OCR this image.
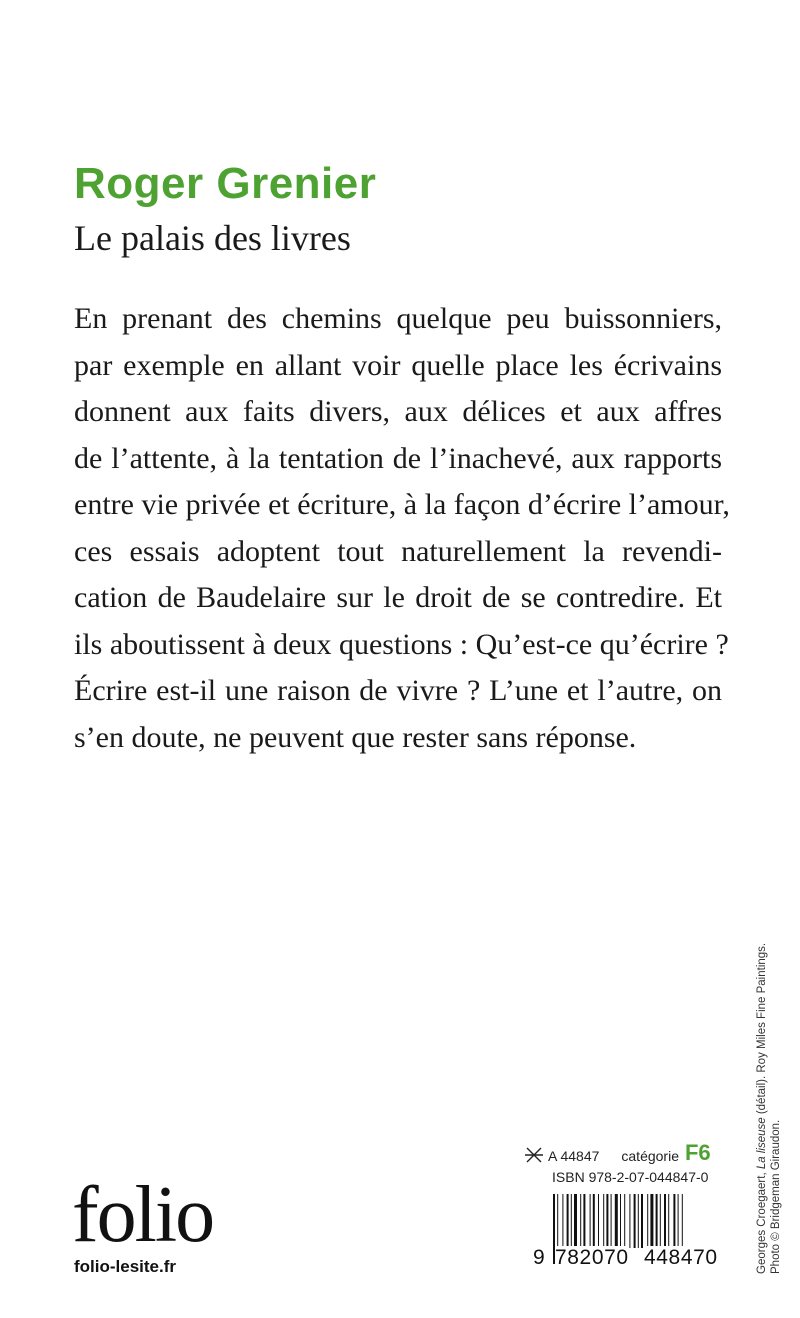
Roger Grenier
Le palais des livres
En prenant des chemins quelque peu buissonniers,
par exemple en allant voir quelle place les écrivains
donnent aux faits divers, aux délices et aux affres
de l’attente, à la tentation de l’inachevé, aux rapports
entre vie privée et écriture, à la façon d’écrire l’amour,
ces essais adoptent tout naturellement la revendi-
cation de Baudelaire sur le droit de se contredire. Et
ils aboutissent à deux questions : Qu’est-ce qu’écrire ?
Écrire est-il une raison de vivre ? L’une et l’autre, on
s’en doute, ne peuvent que rester sans réponse.
Georges Croegaert, La liseuse (détail). Roy Miles Fine Paintings.
Photo © Bridgeman Giraudon.
folio
folio-lesite.fr
A 44847 catégorie F6
ISBN 978-2-07-044847-0
9 782070 448470
